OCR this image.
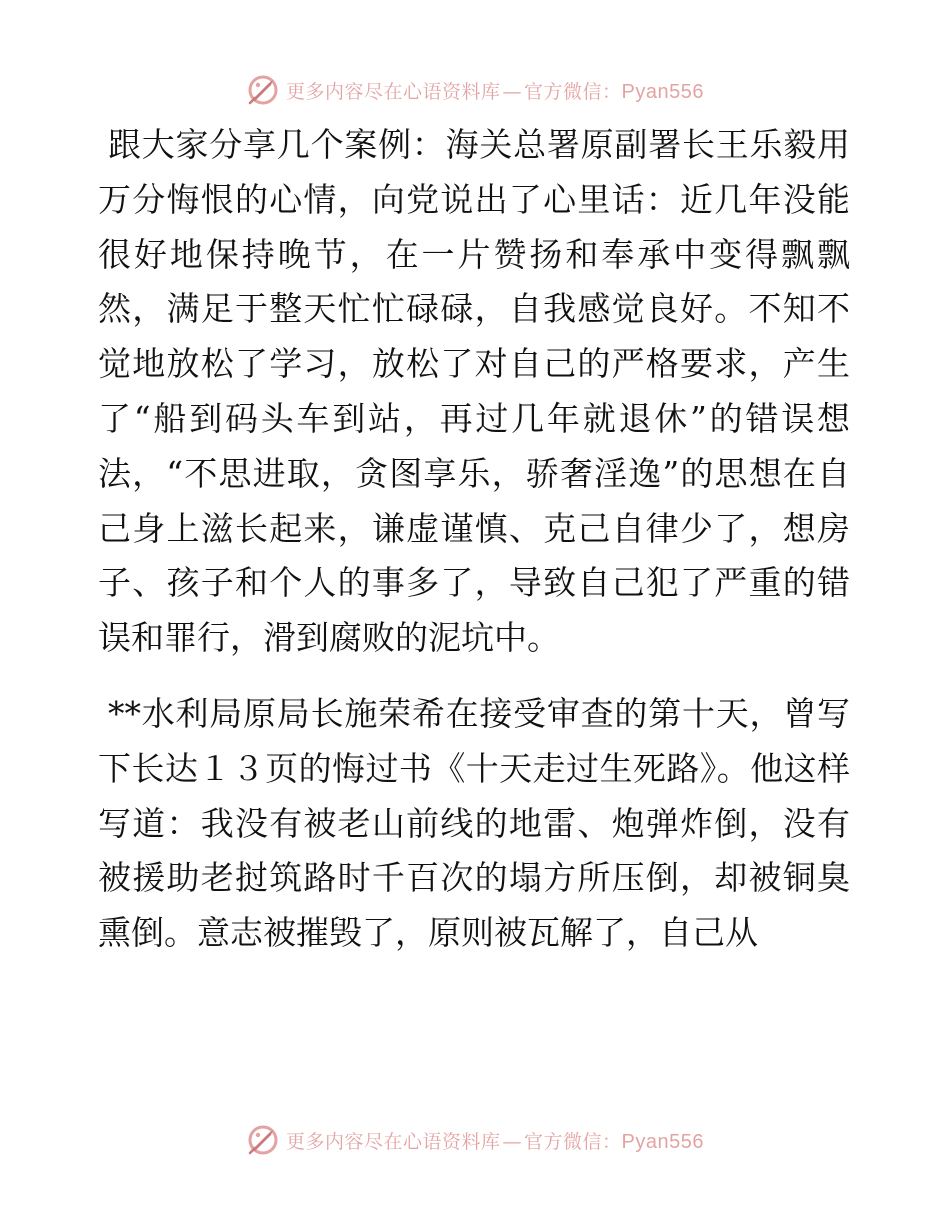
更多内容尽在心语资料库 — 官方微信：Pyan556

跟大家分享几个案例：海关总署原副署长王乐毅用万分悔恨的心情，向党说出了心里话：近几年没能很好地保持晚节，在一片赞扬和奉承中变得飘飘然，满足于整天忙忙碌碌，自我感觉良好。不知不觉地放松了学习，放松了对自己的严格要求，产生了“船到码头车到站，再过几年就退休”的错误想法，“不思进取，贪图享乐，骄奢淫逸”的思想在自己身上滋长起来，谦虚谨慎、克己自律少了，想房子、孩子和个人的事多了，导致自己犯了严重的错误和罪行，滑到腐败的泥坑中。

**水利局原局长施荣希在接受审查的第十天，曾写下长达１３页的悔过书《十天走过生死路》。他这样写道：我没有被老山前线的地雷、炮弹炸倒，没有被援助老挝筑路时千百次的塌方所压倒，却被铜臭熏倒。意志被摧毁了，原则被瓦解了，自己从

更多内容尽在心语资料库 — 官方微信：Pyan556
